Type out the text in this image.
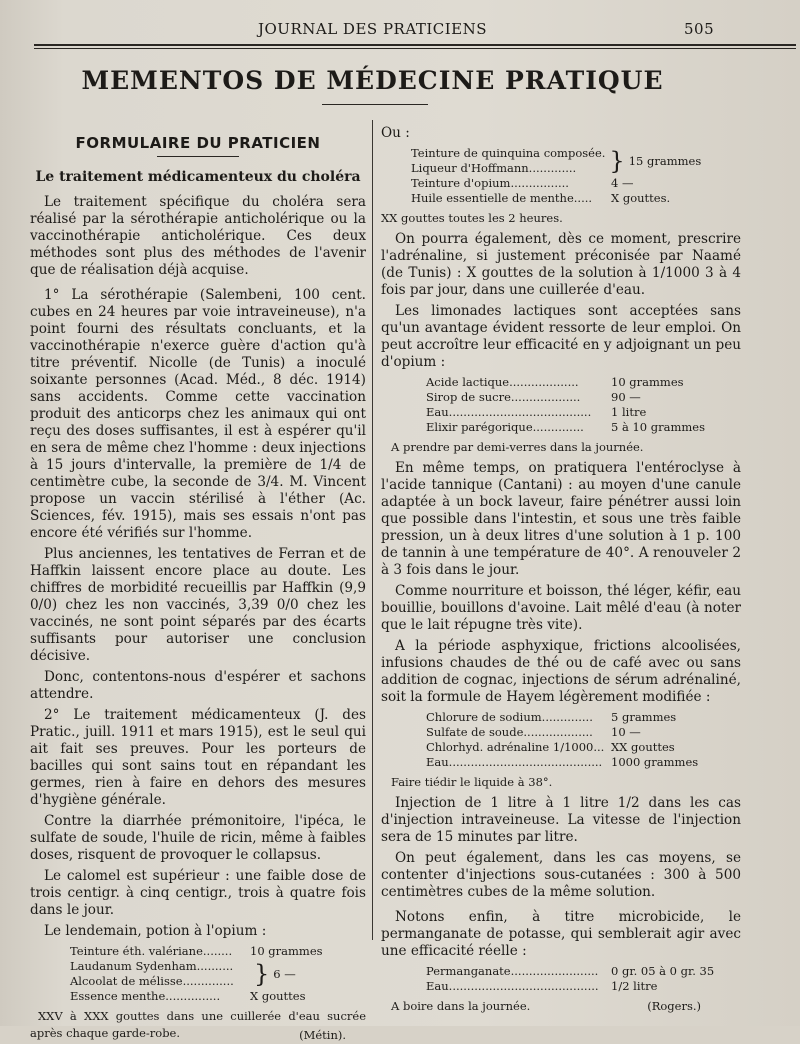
JOURNAL DES PRATICIENS	505
MEMENTOS DE MÉDECINE PRATIQUE
FORMULAIRE DU PRATICIEN
Le traitement médicamenteux du choléra

Le traitement spécifique du choléra sera réalisé par la sérothérapie anticholérique ou la vaccinothérapie anticholérique. Ces deux méthodes sont plus des méthodes de l'avenir que de réalisation déjà acquise.

1° La sérothérapie (Salembeni, 100 cent. cubes en 24 heures par voie intraveineuse), n'a point fourni des résultats concluants, et la vaccinothérapie n'exerce guère d'action qu'à titre préventif. Nicolle (de Tunis) a inoculé soixante personnes (Acad. Méd., 8 déc. 1914) sans accidents. Comme cette vaccination produit des anticorps chez les animaux qui ont reçu des doses suffisantes, il est à espérer qu'il en sera de même chez l'homme : deux injections à 15 jours d'intervalle, la première de 1/4 de centimètre cube, la seconde de 3/4. M. Vincent propose un vaccin stérilisé à l'éther (Ac. Sciences, fév. 1915), mais ses essais n'ont pas encore été vérifiés sur l'homme.

Plus anciennes, les tentatives de Ferran et de Haffkin laissent encore place au doute. Les chiffres de morbidité recueillis par Haffkin (9,9 0/0) chez les non vaccinés, 3,39 0/0 chez les vaccinés, ne sont point séparés par des écarts suffisants pour autoriser une conclusion décisive.

Donc, contentons-nous d'espérer et sachons attendre.

2° Le traitement médicamenteux (J. des Pratic., juill. 1911 et mars 1915), est le seul qui ait fait ses preuves. Pour les porteurs de bacilles qui sont sains tout en répandant les germes, rien à faire en dehors des mesures d'hygiène générale.

Contre la diarrhée prémonitoire, l'ipéca, le sulfate de soude, l'huile de ricin, même à faibles doses, risquent de provoquer le collapsus.

Le calomel est supérieur : une faible dose de trois centigr. à cinq centigr., trois à quatre fois dans le jour.

Le lendemain, potion à l'opium :

Teinture éth. valériane........	10 grammes
Laudanum Sydenham..........
Alcoolat de mélisse.............. } 6 —
Essence menthe...............	X gouttes
XXV à XXX gouttes dans une cuillerée d'eau sucrée après chaque garde-robe.	(Métin).

Ou :

Teinture de quinquina composée.
Liqueur d'Hoffmann.............	} 15 grammes
Teinture d'opium................	4 —
Huile essentielle de menthe.....	X gouttes.
XX gouttes toutes les 2 heures.

On pourra également, dès ce moment, prescrire l'adrénaline, si justement préconisée par Naamé (de Tunis) : X gouttes de la solution à 1/1000 3 à 4 fois par jour, dans une cuillerée d'eau.

Les limonades lactiques sont acceptées sans qu'un avantage évident ressorte de leur emploi. On peut accroître leur efficacité en y adjoignant un peu d'opium :

Acide lactique...................	10 grammes
Sirop de sucre...................	90 —
Eau.......................................	1 litre
Elixir parégorique..............	5 à 10 grammes
A prendre par demi-verres dans la journée.

En même temps, on pratiquera l'entéroclyse à l'acide tannique (Cantani) : au moyen d'une canule adaptée à un bock laveur, faire pénétrer aussi loin que possible dans l'intestin, et sous une très faible pression, un à deux litres d'une solution à 1 p. 100 de tannin à une température de 40°. A renouveler 2 à 3 fois dans le jour.

Comme nourriture et boisson, thé léger, kéfir, eau bouillie, bouillons d'avoine. Lait mêlé d'eau (à noter que le lait répugne très vite).

A la période asphyxique, frictions alcoolisées, infusions chaudes de thé ou de café avec ou sans addition de cognac, injections de sérum adrénaliné, soit la formule de Hayem légèrement modifiée :

Chlorure de sodium..............	5 grammes
Sulfate de soude...................	10 —
Chlorhyd. adrénaline 1/1000... XX gouttes
Eau.......................................... 1000 grammes
Faire tiédir le liquide à 38°.

Injection de 1 litre à 1 litre 1/2 dans les cas d'injection intraveineuse. La vitesse de l'injection sera de 15 minutes par litre.

On peut également, dans les cas moyens, se contenter d'injections sous-cutanées : 300 à 500 centimètres cubes de la même solution.

Notons enfin, à titre microbicide, le permanganate de potasse, qui semblerait agir avec une efficacité réelle :

Permanganate........................	0 gr. 05 à 0 gr. 35
Eau.........................................	1/2 litre
A boire dans la journée.	(Rogers.)
